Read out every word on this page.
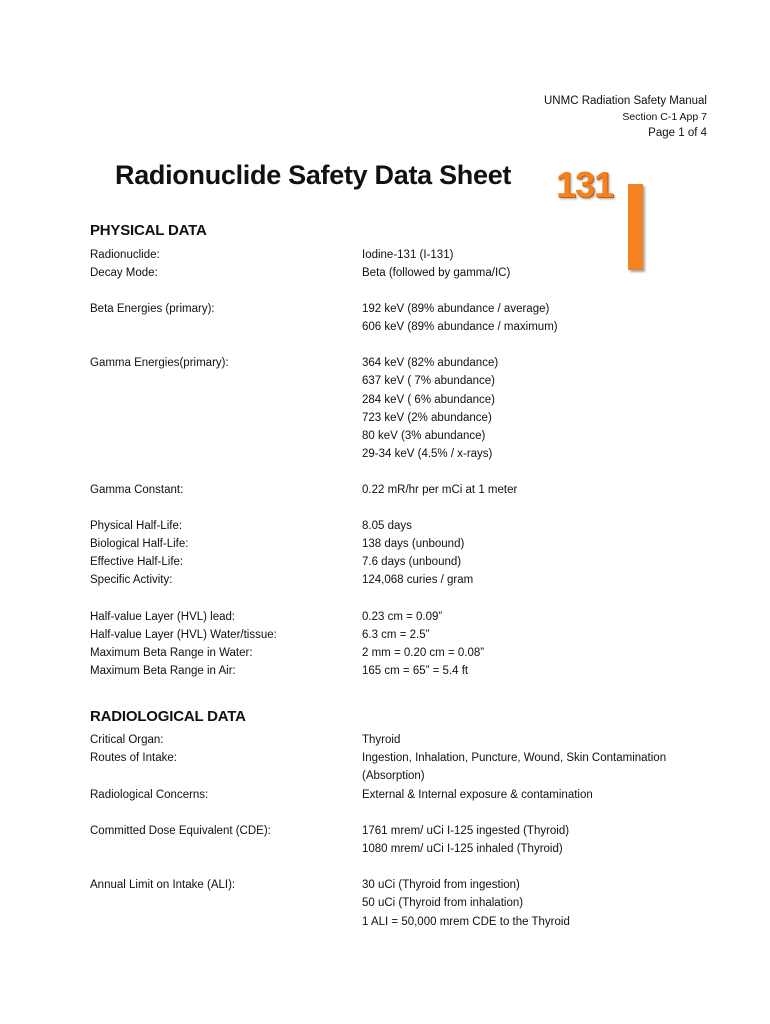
UNMC Radiation Safety Manual
Section C-1 App 7
Page 1 of 4
Radionuclide Safety Data Sheet 131
PHYSICAL DATA
RADIOLOGICAL DATA
Radionuclide:	Iodine-131 (I-131)
Decay Mode:	Beta (followed by gamma/IC)
Beta Energies (primary):	192 keV (89% abundance / average)
606 keV (89% abundance / maximum)
Gamma Energies(primary):	364 keV (82% abundance)
637 keV ( 7% abundance)
284 keV ( 6% abundance)
723 keV (2% abundance)
80 keV (3% abundance)
29-34 keV (4.5% / x-rays)
Gamma Constant:	0.22 mR/hr per mCi at 1 meter
Physical Half-Life:	8.05 days
Biological Half-Life:	138 days (unbound)
Effective Half-Life:	7.6 days (unbound)
Specific Activity:	124,068 curies / gram
Half-value Layer (HVL) lead:	0.23 cm = 0.09”
Half-value Layer (HVL) Water/tissue:	6.3 cm = 2.5”
Maximum Beta Range in Water:	2 mm = 0.20 cm = 0.08”
Maximum Beta Range in Air:	165 cm = 65” = 5.4 ft
Critical Organ:	Thyroid
Routes of Intake:	Ingestion, Inhalation, Puncture, Wound, Skin Contamination
(Absorption)
Radiological Concerns:	External & Internal exposure & contamination
Committed Dose Equivalent (CDE):	1761 mrem/ uCi I-125 ingested (Thyroid)
1080 mrem/ uCi I-125 inhaled (Thyroid)
Annual Limit on Intake (ALI):	30 uCi (Thyroid from ingestion)
50 uCi (Thyroid from inhalation)
1 ALI = 50,000 mrem CDE to the Thyroid
